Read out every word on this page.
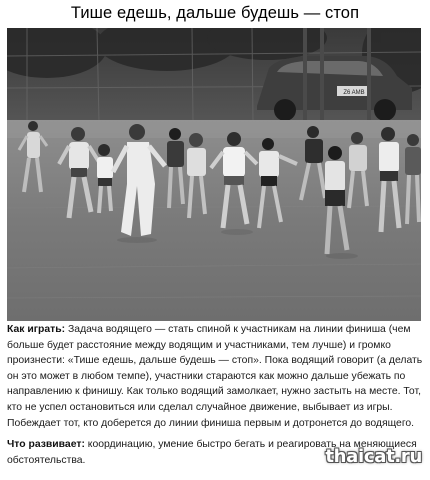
Тише едешь, дальше будешь — стоп
Z6 AMB

Как играть: Задача водящего — стать спиной к участникам на линии финиша (чем больше будет расстояние между водящим и участниками, тем лучше) и громко произнести: «Тише едешь, дальше будешь — стоп». Пока водящий говорит (а делать он это может в любом темпе), участники стараются как можно дальше убежать по направлению к финишу. Как только водящий замолкает, нужно застыть на месте. Тот, кто не успел остановиться или сделал случайное движение, выбывает из игры. Побеждает тот, кто доберется до линии финиша первым и дотронется до водящего.

Что развивает: координацию, умение быстро бегать и реагировать на меняющиеся обстоятельства.	thaicat.ru
